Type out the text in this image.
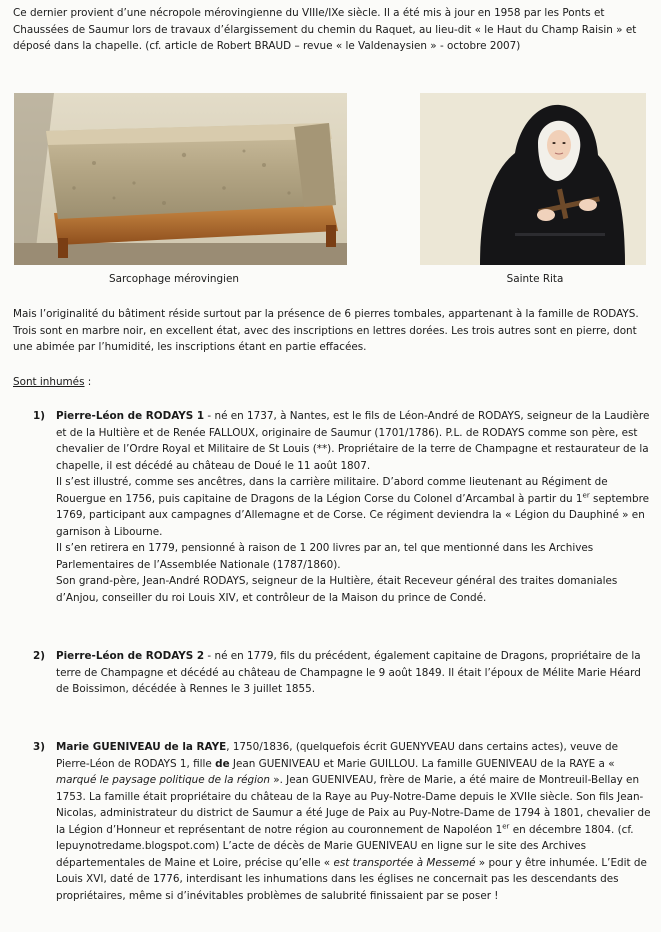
Ce dernier provient d’une nécropole mérovingienne du VIIIe/IXe siècle. Il a été mis à jour en 1958 par les Ponts et Chaussées de Saumur lors de travaux d’élargissement du chemin du Raquet, au lieu-dit « le Haut du Champ Raisin » et déposé dans la chapelle. (cf. article de Robert BRAUD – revue « le Valdenaysien » - octobre 2007)

Sarcophage mérovingien	Sainte Rita

Mais l’originalité du bâtiment réside surtout par la présence de 6 pierres tombales, appartenant à la famille de RODAYS. Trois sont en marbre noir, en excellent état, avec des inscriptions en lettres dorées. Les trois autres sont en pierre, dont une abimée par l’humidité, les inscriptions étant en partie effacées.

Sont inhumés :

1)	Pierre-Léon de RODAYS 1 - né en 1737, à Nantes, est le fils de Léon-André de RODAYS, seigneur de la Laudière et de la Hultière et de Renée FALLOUX, originaire de Saumur (1701/1786). P.L. de RODAYS comme son père, est chevalier de l’Ordre Royal et Militaire de St Louis (**). Propriétaire de la terre de Champagne et restaurateur de la chapelle, il est décédé au château de Doué le 11 août 1807.

Il s’est illustré, comme ses ancêtres, dans la carrière militaire. D’abord comme lieutenant au Régiment de Rouergue en 1756, puis capitaine de Dragons de la Légion Corse du Colonel d’Arcambal à partir du 1er septembre 1769, participant aux campagnes d’Allemagne et de Corse. Ce régiment deviendra la « Légion du Dauphiné » en garnison à Libourne.

Il s’en retirera en 1779, pensionné à raison de 1 200 livres par an, tel que mentionné dans les Archives Parlementaires de l’Assemblée Nationale (1787/1860).

Son grand-père, Jean-André RODAYS, seigneur de la Hultière, était Receveur général des traites domaniales d’Anjou, conseiller du roi Louis XIV, et contrôleur de la Maison du prince de Condé.

2)	Pierre-Léon de RODAYS 2 - né en 1779, fils du précédent, également capitaine de Dragons, propriétaire de la terre de Champagne et décédé au château de Champagne le 9 août 1849. Il était l’époux de Mélite Marie Héard de Boissimon, décédée à Rennes le 3 juillet 1855.

3)	Marie GUENIVEAU de la RAYE, 1750/1836, (quelquefois écrit GUENYVEAU dans certains actes), veuve de Pierre-Léon de RODAYS 1, fille de Jean GUENIVEAU et Marie GUILLOU. La famille GUENIVEAU de la RAYE a « marqué le paysage politique de la région ». Jean GUENIVEAU, frère de Marie, a été maire de Montreuil-Bellay en 1753. La famille était propriétaire du château de la Raye au Puy-Notre-Dame depuis le XVIIe siècle. Son fils Jean-Nicolas, administrateur du district de Saumur a été Juge de Paix au Puy-Notre-Dame de 1794 à 1801, chevalier de la Légion d’Honneur et représentant de notre région au couronnement de Napoléon 1er en décembre 1804. (cf. lepuynotredame.blogspot.com) L’acte de décès de Marie GUENIVEAU en ligne sur le site des Archives départementales de Maine et Loire, précise qu’elle « est transportée à Messemé » pour y être inhumée. L’Edit de Louis XVI, daté de 1776, interdisant les inhumations dans les églises ne concernait pas les descendants des propriétaires, même si d’inévitables problèmes de salubrité finissaient par se poser !
